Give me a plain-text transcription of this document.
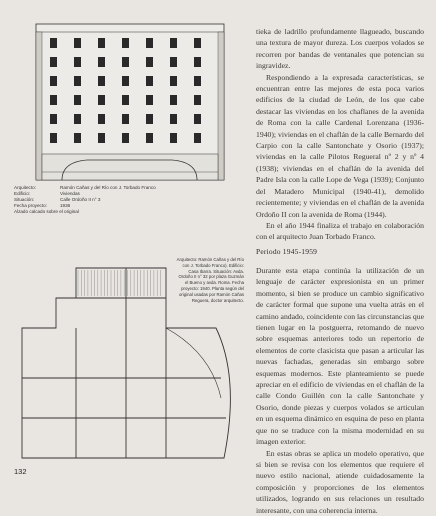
Arquitecto:	Ramón Cañas y del Río con J. Torbado Franco
Edificio:	Viviendas
Situación:	Calle Ordoño II n° 3
Fecha proyecto:	1936
Alzado calcado sobre el original
Arquitecto: Ramón Cañas y del Río con J. Torbado Franco). Edificio: Casa Ibarra. Situación: Avda. Ordoño II n° 32 por plaza Guzmán el Bueno y avda. Roma. Fecha proyecto: 1940. Planta según del original usadas por Ramón Cañas Reguera, doctor arquitecto.

tieka de ladrillo profundamente llagueado, buscando una textura de mayor dureza. Los cuerpos volados se recorren por bandas de ventanales que potencian su ingravidez.

Respondiendo a la expresada características, se encuentran entre las mejores de esta poca varios edificios de la ciudad de León, de los que cabe destacar las viviendas en los chaflanes de la avenida de Roma con la calle Cardenal Lorenzana (1936-1940); viviendas en el chaflán de la calle Bernardo del Carpio con la calle Santonchate y Osorio (1937); viviendas en la calle Pilotos Regueral nº 2 y nº 4 (1938); viviendas en el chaflán de la avenida del Padre Isla con la calle Lope de Vega (1939); Conjunto del Matadero Municipal (1940-41), demolido recientemente; y viviendas en el chaflán de la avenida Ordoño II con la avenida de Roma (1944).

En el año 1944 finaliza el trabajo en colaboración con el arquitecto Juan Torbado Franco.

Periodo 1945-1959

Durante esta etapa continúa la utilización de un lenguaje de carácter expresionista en un primer momento, si bien se produce un cambio significativo de carácter formal que supone una vuelta atrás en el camino andado, coincidente con las circunstancias que tienen lugar en la postguerra, retomando de nuevo sobre esquemas anteriores todo un repertorio de elementos de corte clasicista que pasan a articular las nuevas fachadas, generadas sin embargo sobre esquemas modernos. Este planteamiento se puede apreciar en el edificio de viviendas en el chaflán de la calle Condo Guillén con la calle Santonchate y Osorio, donde piezas y cuerpos volados se articulan en un esquema dinámico en esquina de peso en planta que no se traduce con la misma modernidad en su imagen exterior.

En estas obras se aplica un modelo operativo, que si bien se revisa con los elementos que requiere el nuevo estilo nacional, atiende cuidadosamente la composición y proporciones de los elementos utilizados, logrando en sus relaciones un resultado interesante, con una coherencia interna.

132
